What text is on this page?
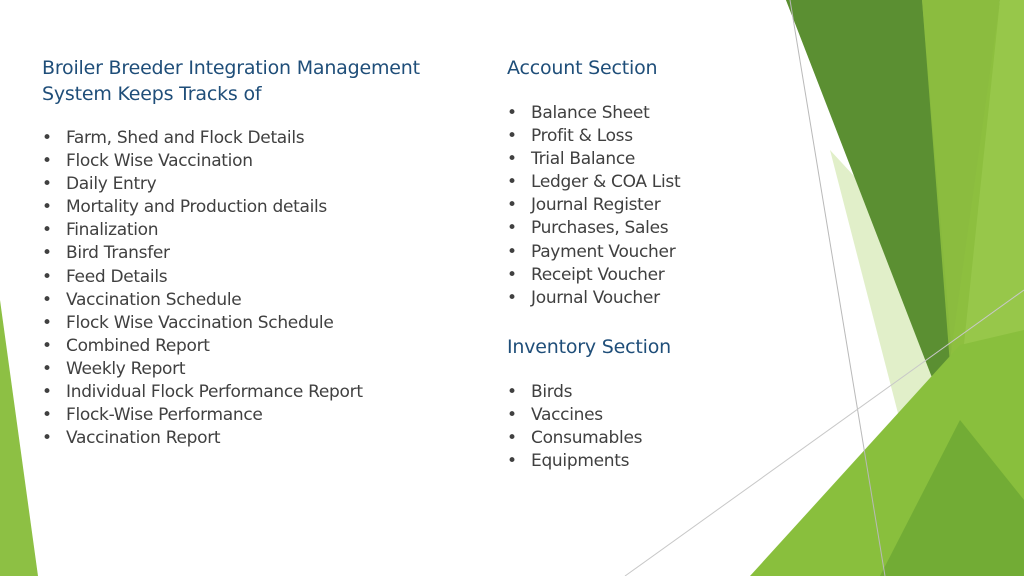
Broiler Breeder Integration Management System Keeps Tracks of
• Farm, Shed and Flock Details
• Flock Wise Vaccination
• Daily Entry
• Mortality and Production details
• Finalization
• Bird Transfer
• Feed Details
• Vaccination Schedule
• Flock Wise Vaccination Schedule
• Combined Report
• Weekly Report
• Individual Flock Performance Report
• Flock-Wise Performance
• Vaccination Report
Account Section
• Balance Sheet
• Profit & Loss
• Trial Balance
• Ledger & COA List
• Journal Register
• Purchases, Sales
• Payment Voucher
• Receipt Voucher
• Journal Voucher
Inventory Section
• Birds
• Vaccines
• Consumables
• Equipments
